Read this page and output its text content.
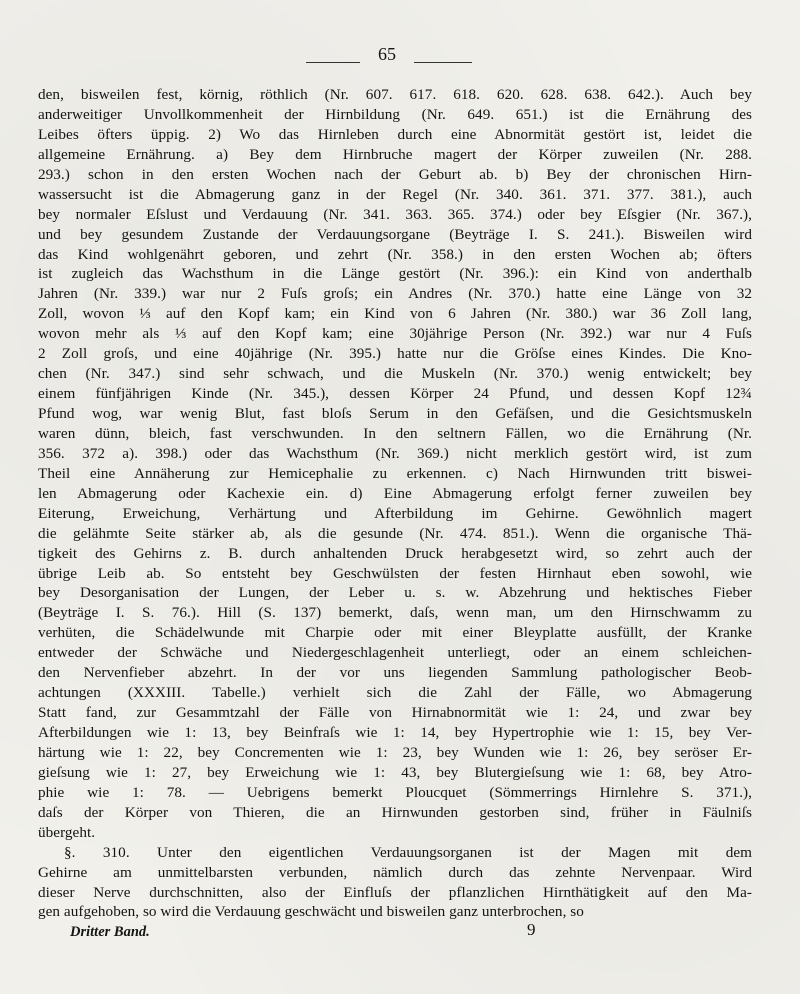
65
den, bisweilen fest, körnig, röthlich (Nr. 607. 617. 618. 620. 628. 638. 642.). Auch bey
anderweitiger Unvollkommenheit der Hirnbildung (Nr. 649. 651.) ist die Ernährung des
Leibes öfters üppig. 2) Wo das Hirnleben durch eine Abnormität gestört ist, leidet die
allgemeine Ernährung. a) Bey dem Hirnbruche magert der Körper zuweilen (Nr. 288.
293.) schon in den ersten Wochen nach der Geburt ab. b) Bey der chronischen Hirn-
wassersucht ist die Abmagerung ganz in der Regel (Nr. 340. 361. 371. 377. 381.), auch
bey normaler Eſslust und Verdauung (Nr. 341. 363. 365. 374.) oder bey Eſsgier (Nr. 367.),
und bey gesundem Zustande der Verdauungsorgane (Beyträge I. S. 241.). Bisweilen wird
das Kind wohlgenährt geboren, und zehrt (Nr. 358.) in den ersten Wochen ab; öfters
ist zugleich das Wachsthum in die Länge gestört (Nr. 396.): ein Kind von anderthalb
Jahren (Nr. 339.) war nur 2 Fuſs groſs; ein Andres (Nr. 370.) hatte eine Länge von 32
Zoll, wovon ⅓ auf den Kopf kam; ein Kind von 6 Jahren (Nr. 380.) war 36 Zoll lang,
wovon mehr als ⅓ auf den Kopf kam; eine 30jährige Person (Nr. 392.) war nur 4 Fuſs
2 Zoll groſs, und eine 40jährige (Nr. 395.) hatte nur die Gröſse eines Kindes. Die Kno-
chen (Nr. 347.) sind sehr schwach, und die Muskeln (Nr. 370.) wenig entwickelt; bey
einem fünfjährigen Kinde (Nr. 345.), dessen Körper 24 Pfund, und dessen Kopf 12¾
Pfund wog, war wenig Blut, fast bloſs Serum in den Gefäſsen, und die Gesichtsmuskeln
waren dünn, bleich, fast verschwunden. In den seltnern Fällen, wo die Ernährung (Nr.
356. 372 a). 398.) oder das Wachsthum (Nr. 369.) nicht merklich gestört wird, ist zum
Theil eine Annäherung zur Hemicephalie zu erkennen. c) Nach Hirnwunden tritt biswei-
len Abmagerung oder Kachexie ein. d) Eine Abmagerung erfolgt ferner zuweilen bey
Eiterung, Erweichung, Verhärtung und Afterbildung im Gehirne. Gewöhnlich magert
die gelähmte Seite stärker ab, als die gesunde (Nr. 474. 851.). Wenn die organische Thä-
tigkeit des Gehirns z. B. durch anhaltenden Druck herabgesetzt wird, so zehrt auch der
übrige Leib ab. So entsteht bey Geschwülsten der festen Hirnhaut eben sowohl, wie
bey Desorganisation der Lungen, der Leber u. s. w. Abzehrung und hektisches Fieber
(Beyträge I. S. 76.). Hill (S. 137) bemerkt, daſs, wenn man, um den Hirnschwamm zu
verhüten, die Schädelwunde mit Charpie oder mit einer Bleyplatte ausfüllt, der Kranke
entweder der Schwäche und Niedergeschlagenheit unterliegt, oder an einem schleichen-
den Nervenfieber abzehrt. In der vor uns liegenden Sammlung pathologischer Beob-
achtungen (XXXIII. Tabelle.) verhielt sich die Zahl der Fälle, wo Abmagerung
Statt fand, zur Gesammtzahl der Fälle von Hirnabnormität wie 1: 24, und zwar bey
Afterbildungen wie 1: 13, bey Beinfraſs wie 1: 14, bey Hypertrophie wie 1: 15, bey Ver-
härtung wie 1: 22, bey Concrementen wie 1: 23, bey Wunden wie 1: 26, bey seröser Er-
gieſsung wie 1: 27, bey Erweichung wie 1: 43, bey Blutergieſsung wie 1: 68, bey Atro-
phie wie 1: 78. — Uebrigens bemerkt Ploucquet (Sömmerrings Hirnlehre S. 371.),
daſs der Körper von Thieren, die an Hirnwunden gestorben sind, früher in Fäulniſs
übergeht.
§. 310. Unter den eigentlichen Verdauungsorganen ist der Magen mit dem
Gehirne am unmittelbarsten verbunden, nämlich durch das zehnte Nervenpaar. Wird
dieser Nerve durchschnitten, also der Einfluſs der pflanzlichen Hirnthätigkeit auf den Ma-
gen aufgehoben, so wird die Verdauung geschwächt und bisweilen ganz unterbrochen, so
Dritter Band.	9
